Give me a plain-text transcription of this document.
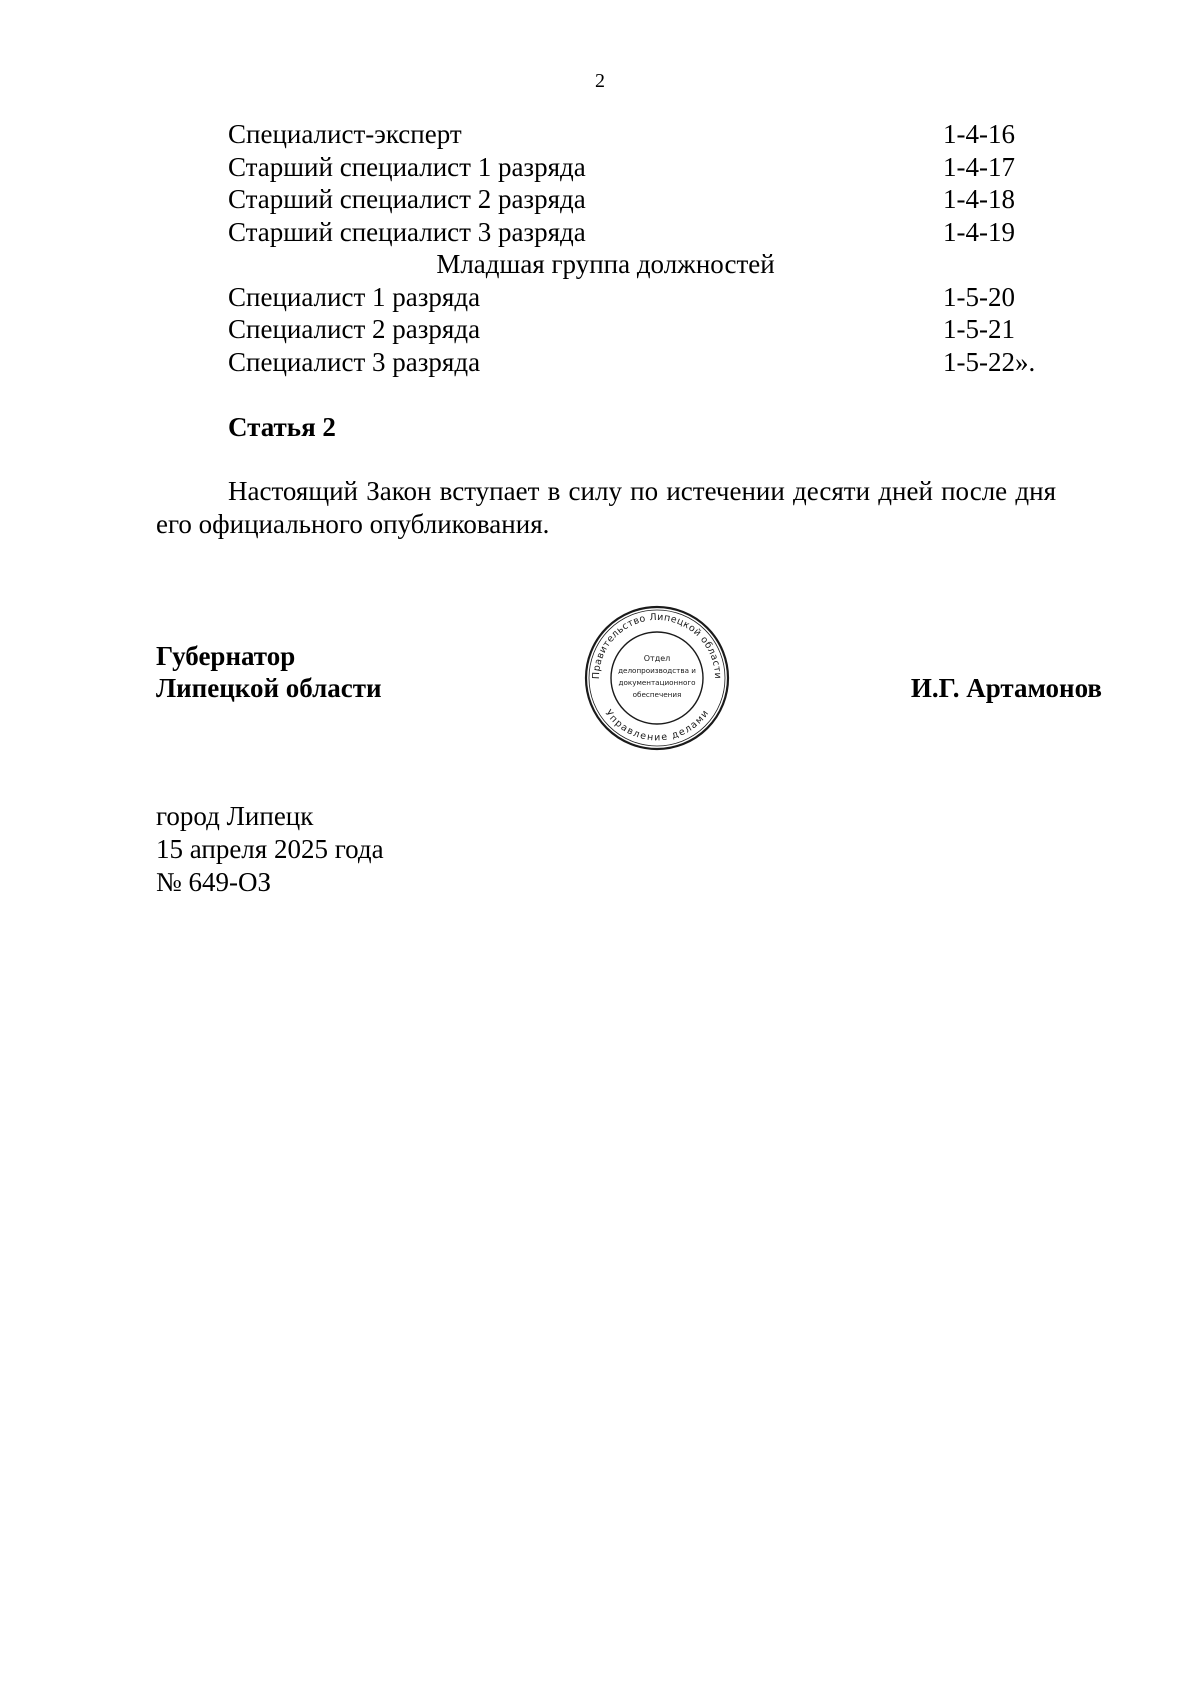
2
Специалист-эксперт	1-4-16
Старший специалист 1 разряда	1-4-17
Старший специалист 2 разряда	1-4-18
Старший специалист 3 разряда	1-4-19
Младшая группа должностей
Специалист 1 разряда	1-5-20
Специалист 2 разряда	1-5-21
Специалист 3 разряда	1-5-22».
Статья 2
Настоящий Закон вступает в силу по истечении десяти дней после дня его официального опубликования.
Губернатор
Липецкой области	Правительство Липецкой области
Управление делами
Отдел
делопроизводства и
документационного
обеспечения	И.Г. Артамонов
город Липецк
15 апреля 2025 года
№ 649-ОЗ
